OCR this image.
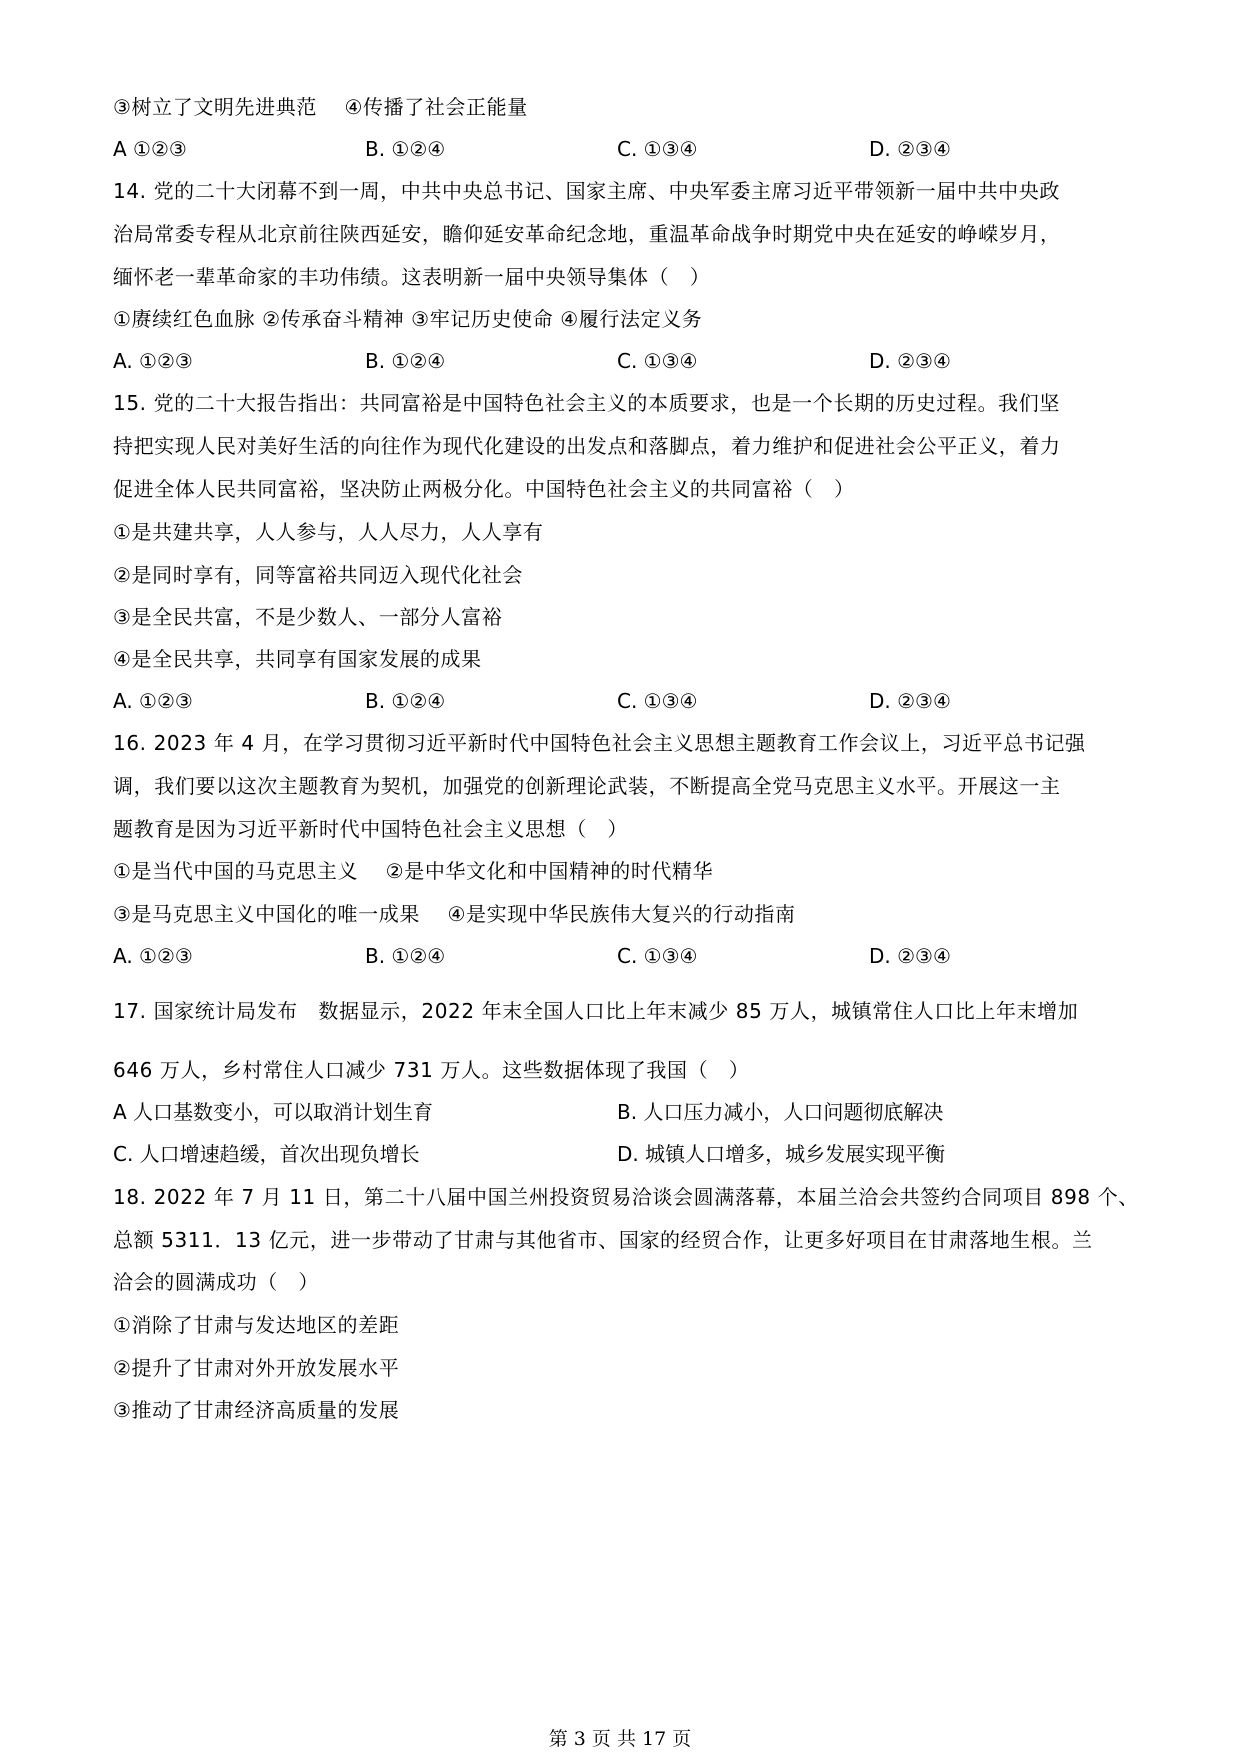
③树立了文明先进典范　 ④传播了社会正能量
A ①②③	B. ①②④	C. ①③④	D. ②③④
14. 党的二十大闭幕不到一周，中共中央总书记、国家主席、中央军委主席习近平带领新一届中共中央政
治局常委专程从北京前往陕西延安，瞻仰延安革命纪念地，重温革命战争时期党中央在延安的峥嵘岁月，
缅怀老一辈革命家的丰功伟绩。这表明新一届中央领导集体（　）
①赓续红色血脉 ②传承奋斗精神 ③牢记历史使命 ④履行法定义务
A. ①②③	B. ①②④	C. ①③④	D. ②③④
15. 党的二十大报告指出：共同富裕是中国特色社会主义的本质要求，也是一个长期的历史过程。我们坚
持把实现人民对美好生活的向往作为现代化建设的出发点和落脚点，着力维护和促进社会公平正义，着力
促进全体人民共同富裕，坚决防止两极分化。中国特色社会主义的共同富裕（　）
①是共建共享，人人参与，人人尽力，人人享有
②是同时享有，同等富裕共同迈入现代化社会
③是全民共富，不是少数人、一部分人富裕
④是全民共享，共同享有国家发展的成果
A. ①②③	B. ①②④	C. ①③④	D. ②③④
16. 2023 年 4 月，在学习贯彻习近平新时代中国特色社会主义思想主题教育工作会议上，习近平总书记强
调，我们要以这次主题教育为契机，加强党的创新理论武装，不断提高全党马克思主义水平。开展这一主
题教育是因为习近平新时代中国特色社会主义思想（　）
①是当代中国的马克思主义　 ②是中华文化和中国精神的时代精华
③是马克思主义中国化的唯一成果　 ④是实现中华民族伟大复兴的行动指南
A. ①②③	B. ①②④	C. ①③④	D. ②③④
17. 国家统计局发布　数据显示，2022 年末全国人口比上年末减少 85 万人，城镇常住人口比上年末增加
646 万人，乡村常住人口减少 731 万人。这些数据体现了我国（　）
A 人口基数变小，可以取消计划生育	B. 人口压力减小，人口问题彻底解决
C. 人口增速趋缓，首次出现负增长	D. 城镇人口增多，城乡发展实现平衡
18. 2022 年 7 月 11 日，第二十八届中国兰州投资贸易洽谈会圆满落幕，本届兰洽会共签约合同项目 898 个、
总额 5311．13 亿元，进一步带动了甘肃与其他省市、国家的经贸合作，让更多好项目在甘肃落地生根。兰
洽会的圆满成功（　）
①消除了甘肃与发达地区的差距
②提升了甘肃对外开放发展水平
③推动了甘肃经济高质量的发展
第 3 页 共 17 页
